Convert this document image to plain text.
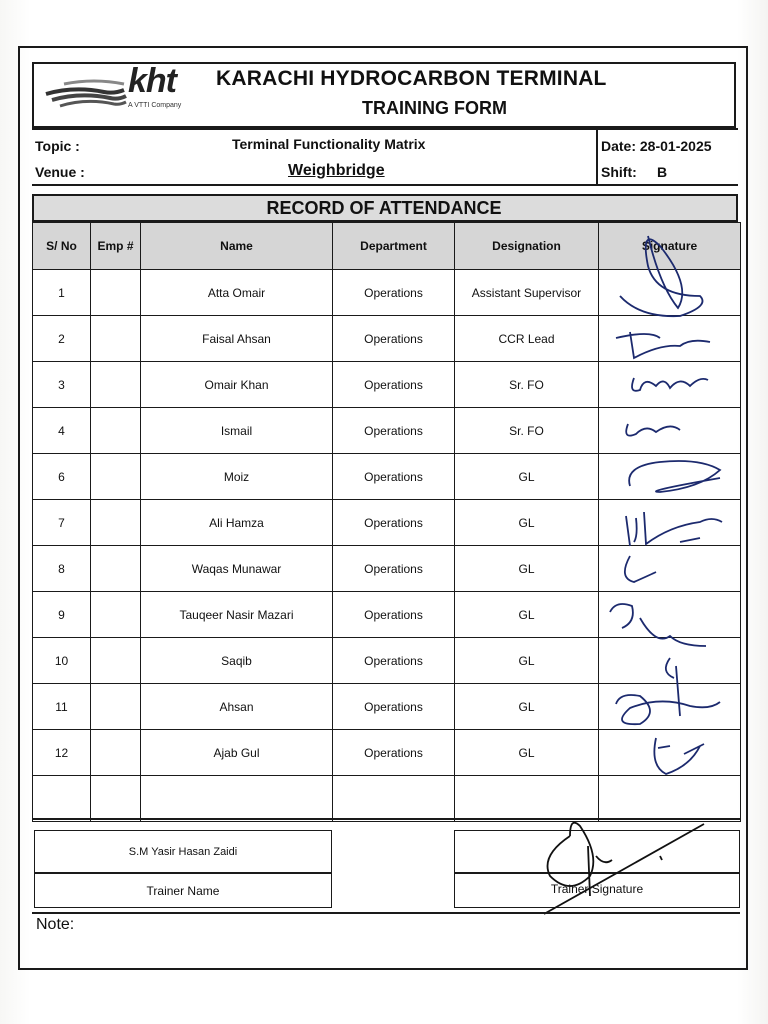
kht
A VTTI Company
KARACHI HYDROCARBON TERMINAL
TRAINING FORM
Topic :	Terminal Functionality Matrix
Venue :	Weighbridge
Date: 28-01-2025
Shift: B
RECORD OF ATTENDANCE
S/ No	Emp #	Name	Department	Designation	Signature
1		Atta Omair	Operations	Assistant Supervisor	
2		Faisal Ahsan	Operations	CCR Lead	
3		Omair Khan	Operations	Sr. FO	
4		Ismail	Operations	Sr. FO	
6		Moiz	Operations	GL	
7		Ali Hamza	Operations	GL	
8		Waqas Munawar	Operations	GL	
9		Tauqeer Nasir Mazari	Operations	GL	
10		Saqib	Operations	GL	
11		Ahsan	Operations	GL	
12		Ajab Gul	Operations	GL	

S.M Yasir Hasan Zaidi
Trainer Name	Trainer Signature
Note:
